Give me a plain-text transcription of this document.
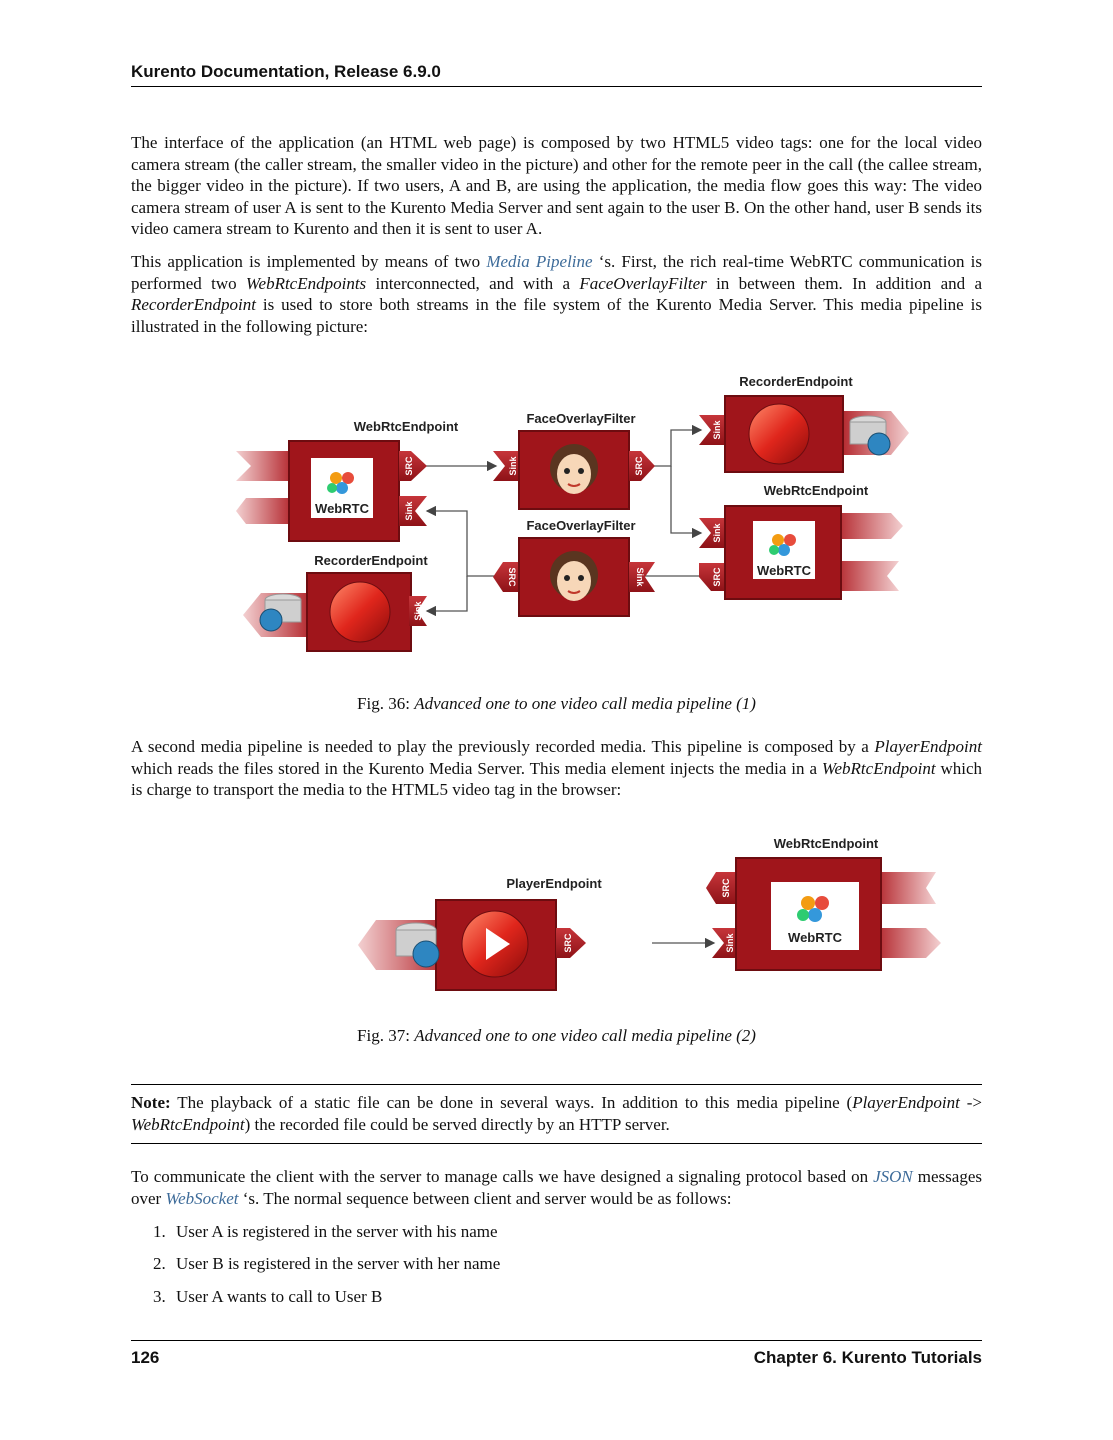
Kurento Documentation, Release 6.9.0

The interface of the application (an HTML web page) is composed by two HTML5 video tags: one for the local video camera stream (the caller stream, the smaller video in the picture) and other for the remote peer in the call (the callee stream, the bigger video in the picture). If two users, A and B, are using the application, the media flow goes this way: The video camera stream of user A is sent to the Kurento Media Server and sent again to the user B. On the other hand, user B sends its video camera stream to Kurento and then it is sent to user A.

This application is implemented by means of two Media Pipeline ‘s. First, the rich real-time WebRTC communication is performed two WebRtcEndpoints interconnected, and with a FaceOverlayFilter in between them. In addition and a RecorderEndpoint is used to store both streams in the file system of the Kurento Media Server. This media pipeline is illustrated in the following picture:

WebRtcEndpoint
WebRTC
SRC
Sink
FaceOverlayFilter
Sink	SRC
RecorderEndpoint
Sink
WebRtcEndpoint
Sink
SRC	WebRTC
FaceOverlayFilter
SRC	Sink
RecorderEndpoint
Sink
Fig. 36: Advanced one to one video call media pipeline (1)

A second media pipeline is needed to play the previously recorded media. This pipeline is composed by a PlayerEndpoint which reads the files stored in the Kurento Media Server. This media element injects the media in a WebRtcEndpoint which is charge to transport the media to the HTML5 video tag in the browser:

PlayerEndpoint
SRC
WebRtcEndpoint
SRC
Sink	WebRTC
Fig. 37: Advanced one to one video call media pipeline (2)

Note: The playback of a static file can be done in several ways. In addition to this media pipeline (PlayerEndpoint -> WebRtcEndpoint) the recorded file could be served directly by an HTTP server.

To communicate the client with the server to manage calls we have designed a signaling protocol based on JSON messages over WebSocket ‘s. The normal sequence between client and server would be as follows:

1. User A is registered in the server with his name
2. User B is registered in the server with her name
3. User A wants to call to User B
126	Chapter 6. Kurento Tutorials
